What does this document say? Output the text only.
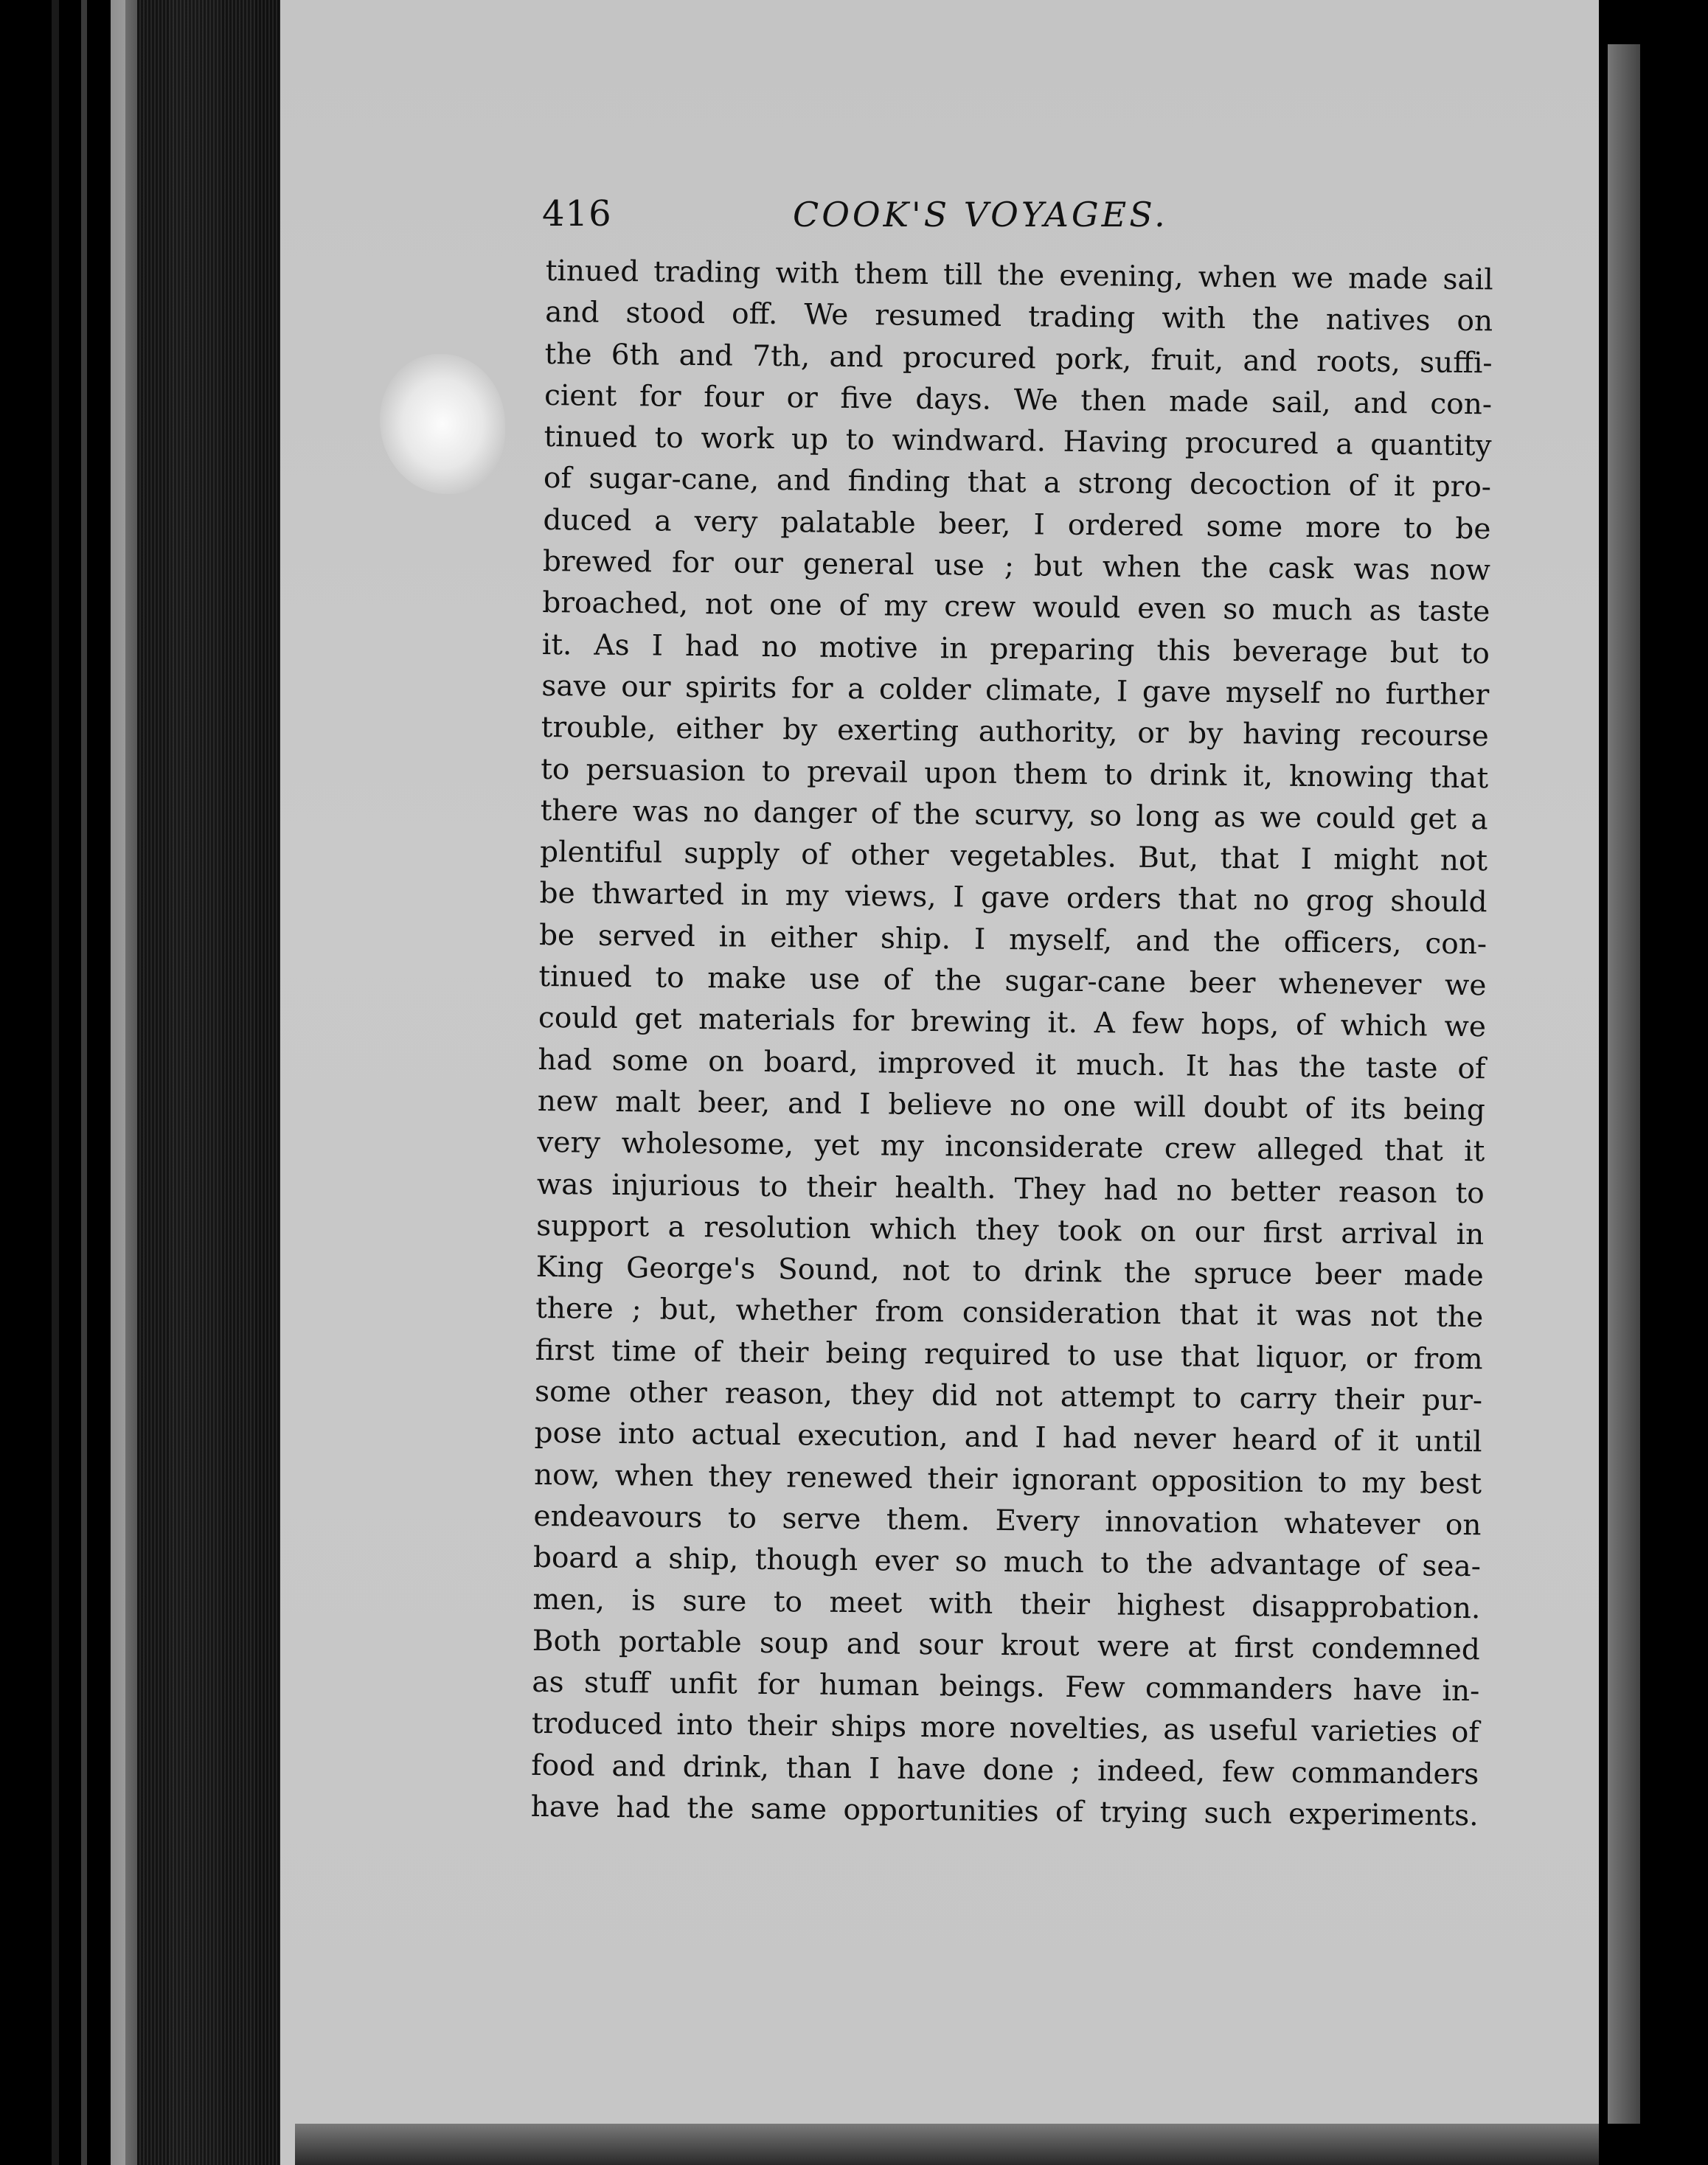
416	COOK'S VOYAGES.
tinued trading with them till the evening, when we made sail
and stood off. We resumed trading with the natives on
the 6th and 7th, and procured pork, fruit, and roots, suffi-
cient for four or five days. We then made sail, and con-
tinued to work up to windward. Having procured a quantity
of sugar-cane, and finding that a strong decoction of it pro-
duced a very palatable beer, I ordered some more to be
brewed for our general use ; but when the cask was now
broached, not one of my crew would even so much as taste
it. As I had no motive in preparing this beverage but to
save our spirits for a colder climate, I gave myself no further
trouble, either by exerting authority, or by having recourse
to persuasion to prevail upon them to drink it, knowing that
there was no danger of the scurvy, so long as we could get a
plentiful supply of other vegetables. But, that I might not
be thwarted in my views, I gave orders that no grog should
be served in either ship. I myself, and the officers, con-
tinued to make use of the sugar-cane beer whenever we
could get materials for brewing it. A few hops, of which we
had some on board, improved it much. It has the taste of
new malt beer, and I believe no one will doubt of its being
very wholesome, yet my inconsiderate crew alleged that it
was injurious to their health. They had no better reason to
support a resolution which they took on our first arrival in
King George's Sound, not to drink the spruce beer made
there ; but, whether from consideration that it was not the
first time of their being required to use that liquor, or from
some other reason, they did not attempt to carry their pur-
pose into actual execution, and I had never heard of it until
now, when they renewed their ignorant opposition to my best
endeavours to serve them. Every innovation whatever on
board a ship, though ever so much to the advantage of sea-
men, is sure to meet with their highest disapprobation.
Both portable soup and sour krout were at first condemned
as stuff unfit for human beings. Few commanders have in-
troduced into their ships more novelties, as useful varieties of
food and drink, than I have done ; indeed, few commanders
have had the same opportunities of trying such experiments.
